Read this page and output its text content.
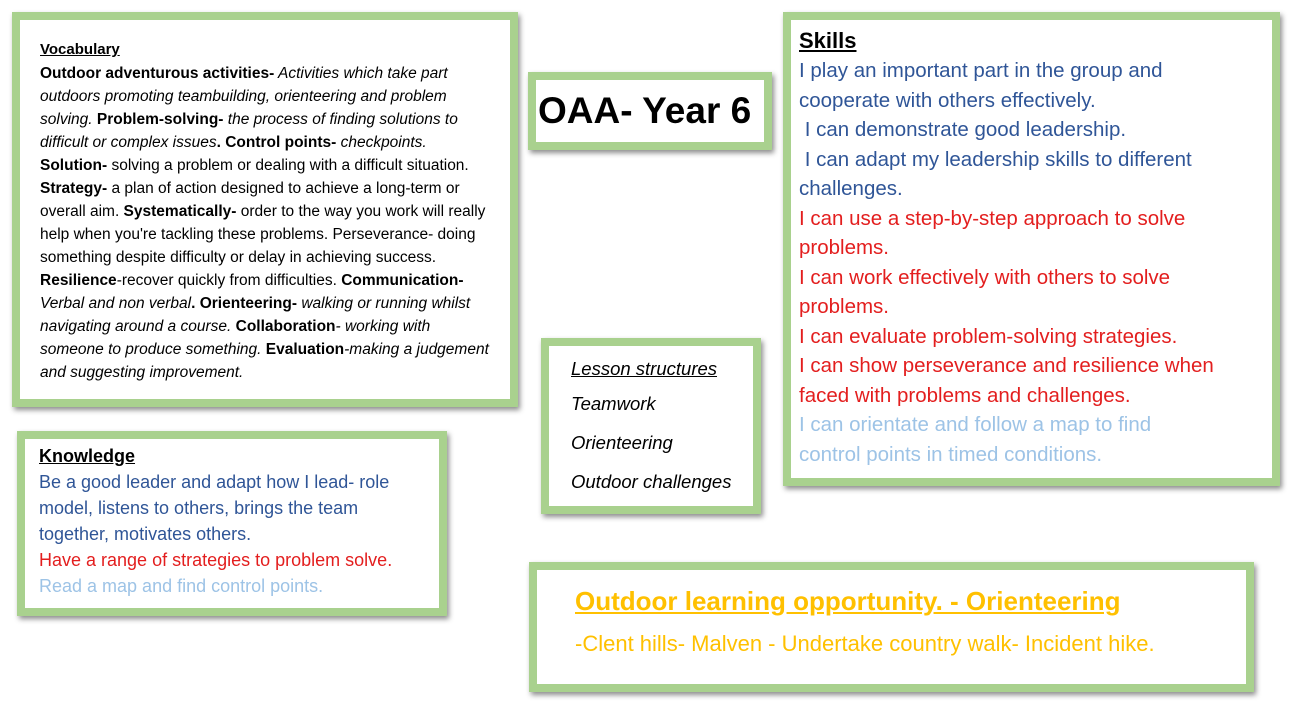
Vocabulary
Outdoor adventurous activities- Activities which take part outdoors promoting teambuilding, orienteering and problem solving. Problem-solving- the process of finding solutions to difficult or complex issues. Control points- checkpoints. Solution- solving a problem or dealing with a difficult situation. Strategy- a plan of action designed to achieve a long-term or overall aim. Systematically- order to the way you work will really help when you're tackling these problems. Perseverance- doing something despite difficulty or delay in achieving success. Resilience-recover quickly from difficulties. Communication- Verbal and non verbal. Orienteering- walking or running whilst navigating around a course. Collaboration- working with someone to produce something. Evaluation-making a judgement and suggesting improvement.
OAA- Year 6
Skills
I play an important part in the group and
cooperate with others effectively.
I can demonstrate good leadership.
I can adapt my leadership skills to different
challenges.
I can use a step-by-step approach to solve
problems.
I can work effectively with others to solve
problems.
I can evaluate problem-solving strategies.
I can show perseverance and resilience when
faced with problems and challenges.
I can orientate and follow a map to find
control points in timed conditions.
Lesson structures
Teamwork
Orienteering
Outdoor challenges
Knowledge
Be a good leader and adapt how I lead- role
model, listens to others, brings the team
together, motivates others.
Have a range of strategies to problem solve.
Read a map and find control points.	Outdoor learning opportunity. - Orienteering
-Clent hills- Malven - Undertake country walk- Incident hike.
